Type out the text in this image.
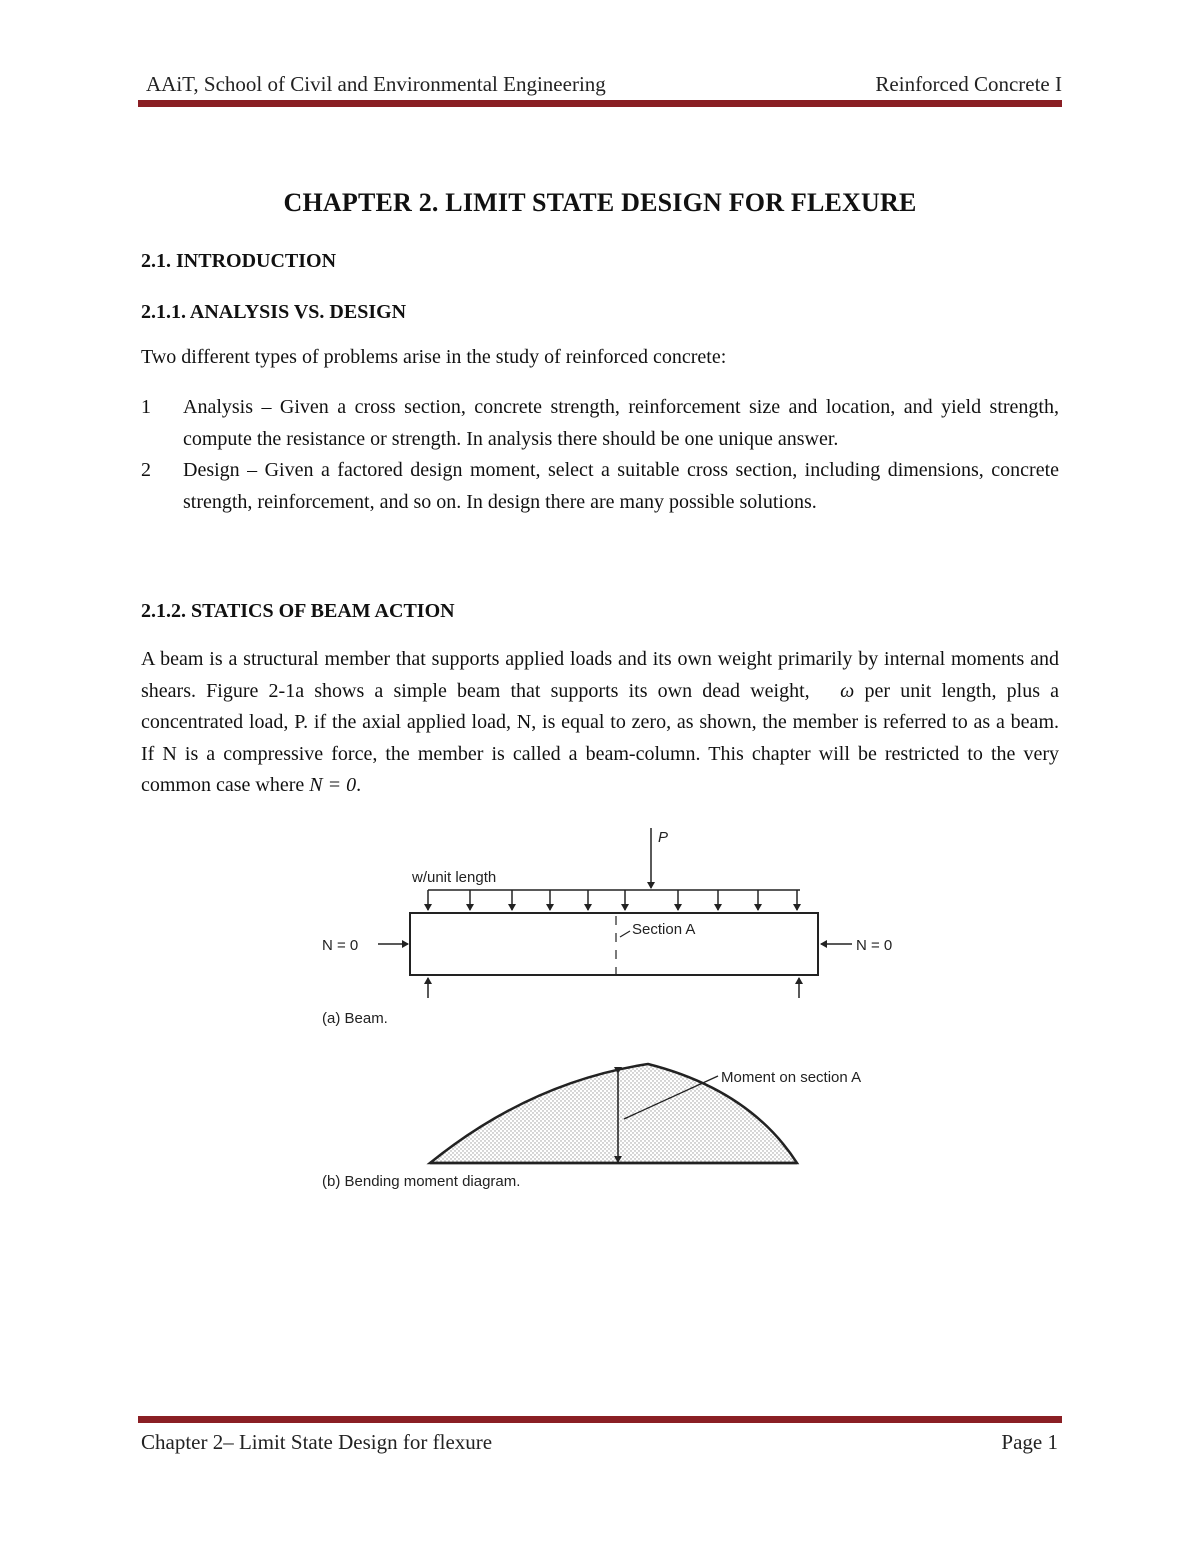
AAiT, School of Civil and Environmental Engineering	Reinforced Concrete I
CHAPTER 2. LIMIT STATE DESIGN FOR FLEXURE
2.1. INTRODUCTION
2.1.1. ANALYSIS VS. DESIGN

Two different types of problems arise in the study of reinforced concrete:

1 Analysis – Given a cross section, concrete strength, reinforcement size and location, and yield strength, compute the resistance or strength. In analysis there should be one unique answer.

2 Design – Given a factored design moment, select a suitable cross section, including dimensions, concrete strength, reinforcement, and so on. In design there are many possible solutions.

2.1.2. STATICS OF BEAM ACTION

A beam is a structural member that supports applied loads and its own weight primarily by internal moments and shears. Figure 2-1a shows a simple beam that supports its own dead weight, ω per unit length, plus a concentrated load, P. if the axial applied load, N, is equal to zero, as shown, the member is referred to as a beam. If N is a compressive force, the member is called a beam-column. This chapter will be restricted to the very common case where N = 0.

P
w/unit length
Section A
N = 0	N = 0
(a) Beam.
Moment on section A
(b) Bending moment diagram.
Chapter 2– Limit State Design for flexure	Page 1
